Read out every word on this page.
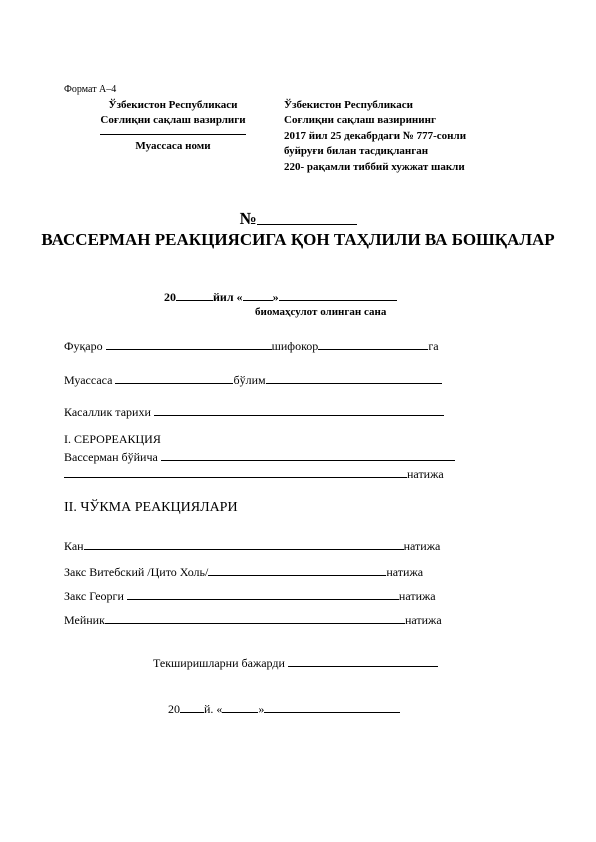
Формат А–4
Ўзбекистон Республикаси
Соғлиқни сақлаш вазирлиги
Муассаса номи
Ўзбекистон Республикаси
Соғлиқни сақлаш вазирининг
2017 йил 25 декабрдаги № 777-сонли
буйруғи билан тасдиқланган
220- рақамли тиббий хужжат шакли
№
ВАССЕРМАН РЕАКЦИЯСИГА ҚОН ТАҲЛИЛИ ВА БОШҚАЛАР
20	йил «	»
биомаҳсулот олинган сана
Фуқаро	шифокор	га
Муассаса	бўлим
Касаллик тарихи
I. СЕРОРЕАКЦИЯ
Вассерман бўйича
натижа
II. ЧЎКМА РЕАКЦИЯЛАРИ
Кан	натижа
Закс Витебский /Цито Холь/	натижа
Закс Георги	натижа
Мейник	натижа
Текширишларни бажарди
20 й. «	»
